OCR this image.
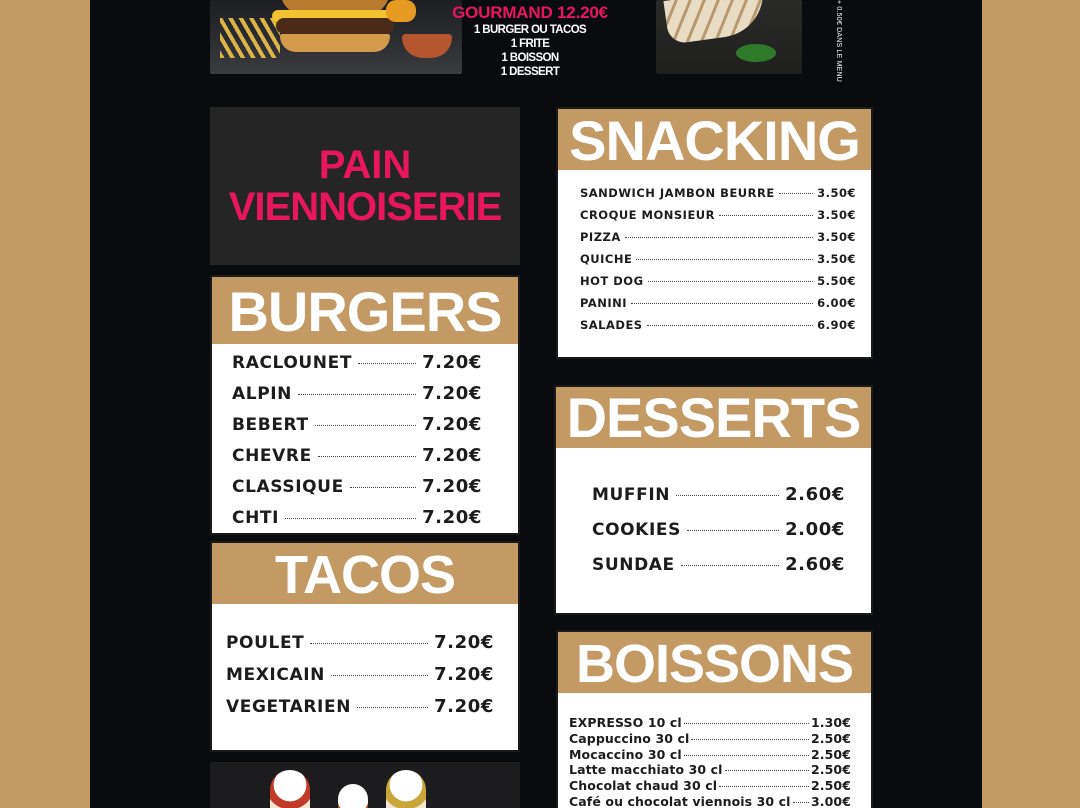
GOURMAND 12.20€
1 BURGER OU TACOS
1 FRITE
1 BOISSON
1 DESSERT	+ 0.50€ DANS LE MENU
PAIN
VIENNOISERIE
BURGERS
RACLOUNET	7.20€
ALPIN	7.20€
BEBERT	7.20€
CHEVRE	7.20€
CLASSIQUE	7.20€
CHTI	7.20€
TACOS
POULET	7.20€
MEXICAIN	7.20€
VEGETARIEN	7.20€
SNACKING
SANDWICH JAMBON BEURRE	3.50€
CROQUE MONSIEUR	3.50€
PIZZA	3.50€
QUICHE	3.50€
HOT DOG	5.50€
PANINI	6.00€
SALADES	6.90€
DESSERTS
MUFFIN	2.60€
COOKIES	2.00€
SUNDAE	2.60€
BOISSONS
EXPRESSO 10 cl	1.30€
Cappuccino 30 cl	2.50€
Mocaccino 30 cl	2.50€
Latte macchiato 30 cl	2.50€
Chocolat chaud 30 cl	2.50€
Café ou chocolat viennois 30 cl 3.00€
